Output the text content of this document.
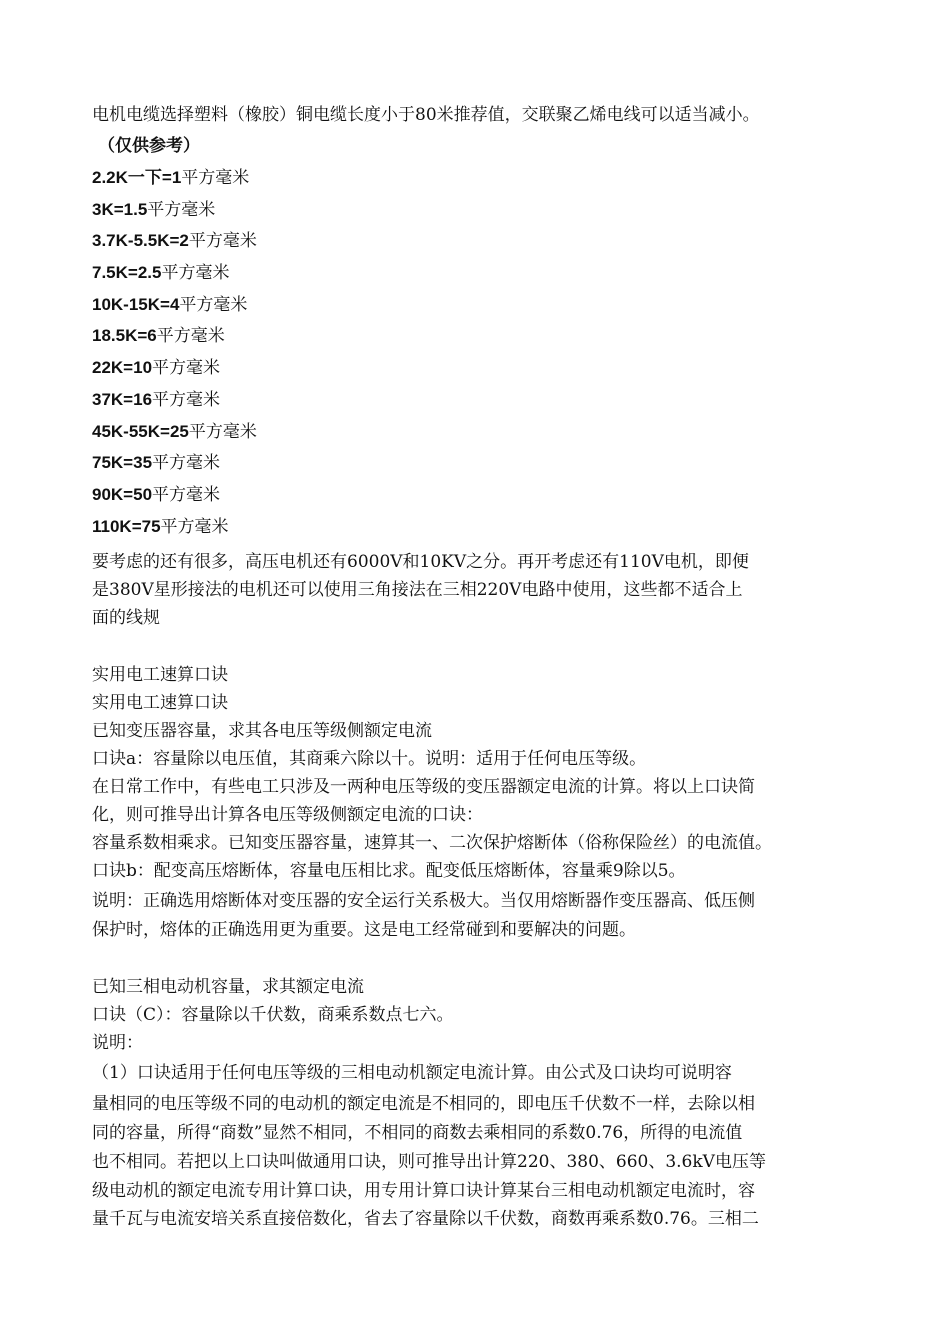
电机电缆选择塑料（橡胶）铜电缆长度小于80米推荐值，交联聚乙烯电线可以适当减小。
（仅供参考）
2.2K一下=1平方毫米
3K=1.5平方毫米
3.7K-5.5K=2平方毫米
7.5K=2.5平方毫米
10K-15K=4平方毫米
18.5K=6平方毫米
22K=10平方毫米
37K=16平方毫米
45K-55K=25平方毫米
75K=35平方毫米
90K=50平方毫米
110K=75平方毫米
要考虑的还有很多，高压电机还有6000V和10KV之分。再开考虑还有110V电机，即便
是380V星形接法的电机还可以使用三角接法在三相220V电路中使用，这些都不适合上
面的线规
实用电工速算口诀
实用电工速算口诀
已知变压器容量，求其各电压等级侧额定电流
口诀a：容量除以电压值，其商乘六除以十。说明：适用于任何电压等级。
在日常工作中，有些电工只涉及一两种电压等级的变压器额定电流的计算。将以上口诀简
化，则可推导出计算各电压等级侧额定电流的口诀：
容量系数相乘求。已知变压器容量，速算其一、二次保护熔断体（俗称保险丝）的电流值。
口诀b：配变高压熔断体，容量电压相比求。配变低压熔断体，容量乘9除以5。
说明：正确选用熔断体对变压器的安全运行关系极大。当仅用熔断器作变压器高、低压侧
保护时，熔体的正确选用更为重要。这是电工经常碰到和要解决的问题。
已知三相电动机容量，求其额定电流
口诀（C）：容量除以千伏数，商乘系数点七六。
说明：
（1）口诀适用于任何电压等级的三相电动机额定电流计算。由公式及口诀均可说明容
量相同的电压等级不同的电动机的额定电流是不相同的，即电压千伏数不一样，去除以相
同的容量，所得“商数”显然不相同，不相同的商数去乘相同的系数0.76，所得的电流值
也不相同。若把以上口诀叫做通用口诀，则可推导出计算220、380、660、3.6kV电压等
级电动机的额定电流专用计算口诀，用专用计算口诀计算某台三相电动机额定电流时，容
量千瓦与电流安培关系直接倍数化，省去了容量除以千伏数，商数再乘系数0.76。三相二
